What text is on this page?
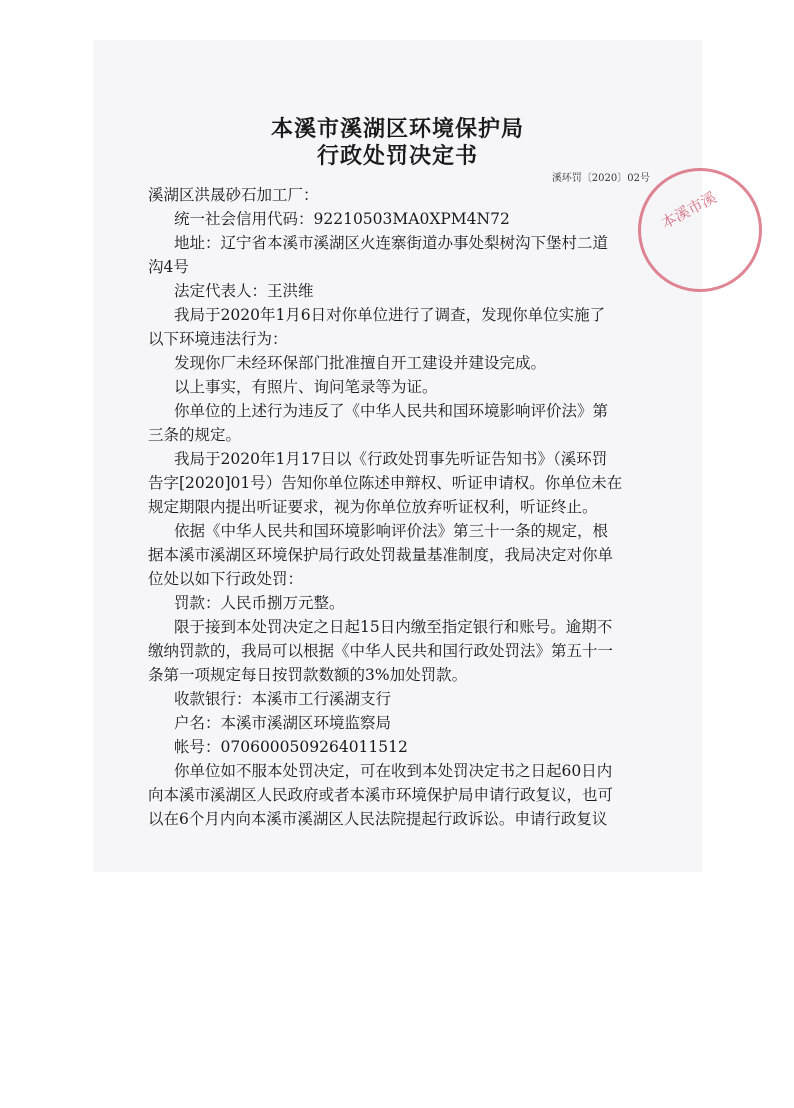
本溪市溪
本溪市溪湖区环境保护局
行政处罚决定书
溪环罚〔2020〕02号
溪湖区洪晟砂石加工厂：
统一社会信用代码：92210503MA0XPM4N72
地址：辽宁省本溪市溪湖区火连寨街道办事处梨树沟下堡村二道
沟4号
法定代表人：王洪维
我局于2020年1月6日对你单位进行了调查，发现你单位实施了
以下环境违法行为：
发现你厂未经环保部门批准擅自开工建设并建设完成。
以上事实，有照片、询问笔录等为证。
你单位的上述行为违反了《中华人民共和国环境影响评价法》第
三条的规定。
我局于2020年1月17日以《行政处罚事先听证告知书》（溪环罚
告字[2020]01号）告知你单位陈述申辩权、听证申请权。你单位未在
规定期限内提出听证要求，视为你单位放弃听证权利，听证终止。
依据《中华人民共和国环境影响评价法》第三十一条的规定，根
据本溪市溪湖区环境保护局行政处罚裁量基准制度，我局决定对你单
位处以如下行政处罚：
罚款：人民币捌万元整。
限于接到本处罚决定之日起15日内缴至指定银行和账号。逾期不
缴纳罚款的，我局可以根据《中华人民共和国行政处罚法》第五十一
条第一项规定每日按罚款数额的3%加处罚款。
收款银行：本溪市工行溪湖支行
户名：本溪市溪湖区环境监察局
帐号：0706000509264011512
你单位如不服本处罚决定，可在收到本处罚决定书之日起60日内
向本溪市溪湖区人民政府或者本溪市环境保护局申请行政复议，也可
以在6个月内向本溪市溪湖区人民法院提起行政诉讼。申请行政复议
